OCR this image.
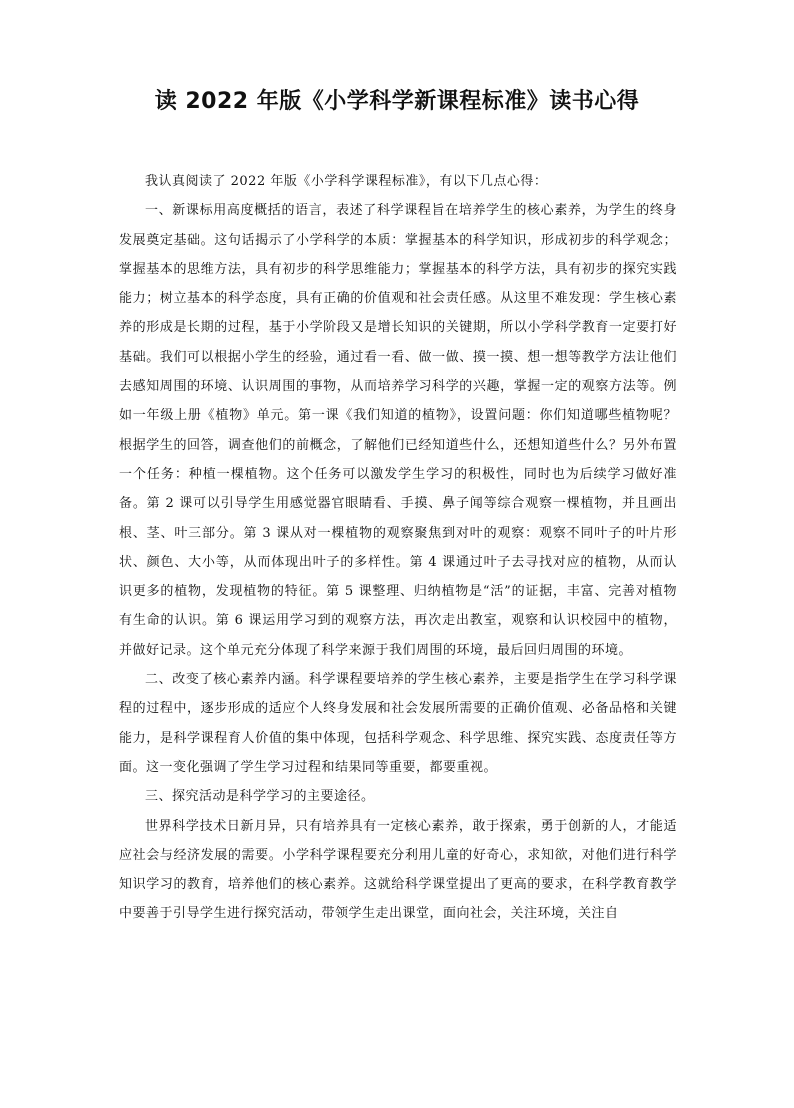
读 2022 年版《小学科学新课程标准》读书心得

我认真阅读了 2022 年版《小学科学课程标准》，有以下几点心得：

一、新课标用高度概括的语言，表述了科学课程旨在培养学生的核心素养，为学生的终身发展奠定基础。这句话揭示了小学科学的本质：掌握基本的科学知识，形成初步的科学观念；掌握基本的思维方法，具有初步的科学思维能力；掌握基本的科学方法，具有初步的探究实践能力；树立基本的科学态度，具有正确的价值观和社会责任感。从这里不难发现：学生核心素养的形成是长期的过程，基于小学阶段又是增长知识的关键期，所以小学科学教育一定要打好基础。我们可以根据小学生的经验，通过看一看、做一做、摸一摸、想一想等教学方法让他们去感知周围的环境、认识周围的事物，从而培养学习科学的兴趣，掌握一定的观察方法等。例如一年级上册《植物》单元。第一课《我们知道的植物》，设置问题：你们知道哪些植物呢？根据学生的回答，调查他们的前概念，了解他们已经知道些什么，还想知道些什么？另外布置一个任务：种植一棵植物。这个任务可以激发学生学习的积极性，同时也为后续学习做好准备。第 2 课可以引导学生用感觉器官眼睛看、手摸、鼻子闻等综合观察一棵植物，并且画出根、茎、叶三部分。第 3 课从对一棵植物的观察聚焦到对叶的观察：观察不同叶子的叶片形状、颜色、大小等，从而体现出叶子的多样性。第 4 课通过叶子去寻找对应的植物，从而认识更多的植物，发现植物的特征。第 5 课整理、归纳植物是“活”的证据，丰富、完善对植物有生命的认识。第 6 课运用学习到的观察方法，再次走出教室，观察和认识校园中的植物，并做好记录。这个单元充分体现了科学来源于我们周围的环境，最后回归周围的环境。

二、改变了核心素养内涵。科学课程要培养的学生核心素养，主要是指学生在学习科学课程的过程中，逐步形成的适应个人终身发展和社会发展所需要的正确价值观、必备品格和关键能力，是科学课程育人价值的集中体现，包括科学观念、科学思维、探究实践、态度责任等方面。这一变化强调了学生学习过程和结果同等重要，都要重视。

三、探究活动是科学学习的主要途径。

世界科学技术日新月异，只有培养具有一定核心素养，敢于探索，勇于创新的人，才能适应社会与经济发展的需要。小学科学课程要充分利用儿童的好奇心，求知欲，对他们进行科学知识学习的教育，培养他们的核心素养。这就给科学课堂提出了更高的要求，在科学教育教学中要善于引导学生进行探究活动，带领学生走出课堂，面向社会，关注环境，关注自
